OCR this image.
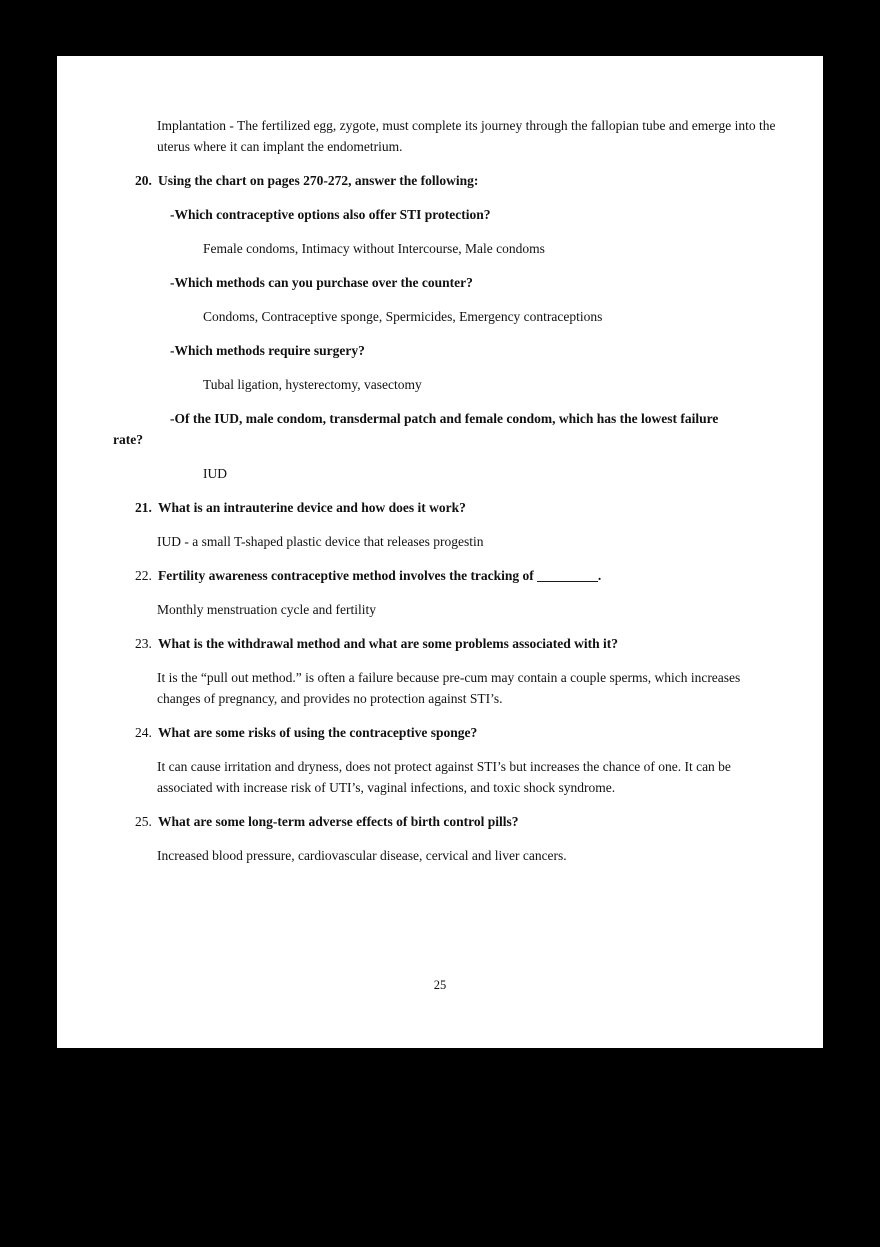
Implantation - The fertilized egg, zygote, must complete its journey through the fallopian tube and emerge into the uterus where it can implant the endometrium.
20. Using the chart on pages 270-272, answer the following:
-Which contraceptive options also offer STI protection?
Female condoms, Intimacy without Intercourse, Male condoms
-Which methods can you purchase over the counter?
Condoms, Contraceptive sponge, Spermicides, Emergency contraceptions
-Which methods require surgery?
Tubal ligation, hysterectomy, vasectomy
-Of the IUD, male condom, transdermal patch and female condom, which has the lowest failure
rate?
IUD
21. What is an intrauterine device and how does it work?
IUD - a small T-shaped plastic device that releases progestin
22. Fertility awareness contraceptive method involves the tracking of _________.
Monthly menstruation cycle and fertility
23. What is the withdrawal method and what are some problems associated with it?
It is the “pull out method.” is often a failure because pre-cum may contain a couple sperms, which increases changes of pregnancy, and provides no protection against STI’s.
24. What are some risks of using the contraceptive sponge?
It can cause irritation and dryness, does not protect against STI’s but increases the chance of one. It can be associated with increase risk of UTI’s, vaginal infections, and toxic shock syndrome.
25. What are some long-term adverse effects of birth control pills?
Increased blood pressure, cardiovascular disease, cervical and liver cancers.
25
